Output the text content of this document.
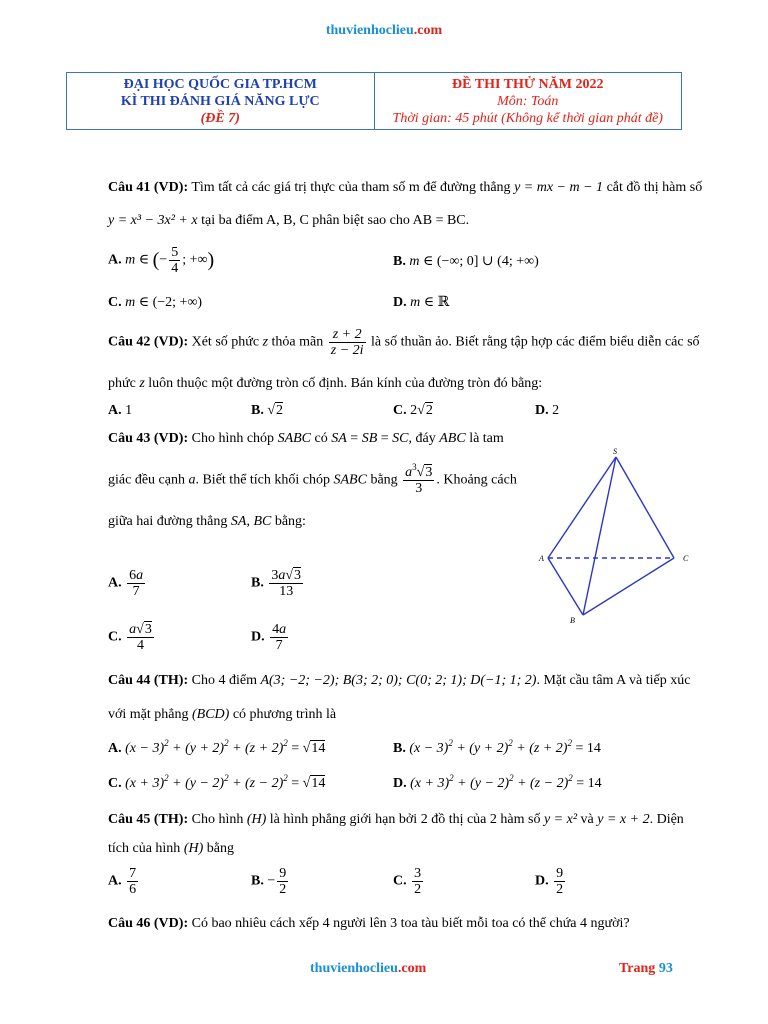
thuvienhoclieu.com
ĐẠI HỌC QUỐC GIA TP.HCM
KÌ THI ĐÁNH GIÁ NĂNG LỰC
(ĐỀ 7)
ĐỀ THI THỬ NĂM 2022
Môn: Toán
Thời gian: 45 phút (Không kể thời gian phát đề)
Câu 41 (VD): Tìm tất cả các giá trị thực của tham số m để đường thẳng y = mx − m − 1 cắt đồ thị hàm số
y = x³ − 3x² + x tại ba điểm A, B, C phân biệt sao cho AB = BC.
A. m ∈ (− $\frac{5}{4}$ ; +∞)	B. m ∈ (−∞; 0] ∪ (4; +∞)
C. m ∈ (−2; +∞)	D. m ∈ ℝ
Câu 42 (VD): Xét số phức z thỏa mãn $\frac{z + 2}{z - 2i}$ là số thuần ảo. Biết rằng tập hợp các điểm biểu diễn các số
phức z luôn thuộc một đường tròn cố định. Bán kính của đường tròn đó bằng:
A. 1	B. √2	C. 2√2	D. 2
Câu 43 (VD): Cho hình chóp SABC có SA = SB = SC, đáy ABC là tam
giác đều cạnh a. Biết thể tích khối chóp SABC bằng $\frac{a^3√3}{3}$ . Khoảng cách
giữa hai đường thẳng SA, BC bằng:
A. $\frac{6a}{7}$	B. $\frac{3a√3}{13}$
C. $\frac{a√3}{4}$	D. $\frac{4a}{7}$
S
A
B
C
Câu 44 (TH): Cho 4 điểm A(3; −2; −2); B(3; 2; 0); C(0; 2; 1); D(−1; 1; 2). Mặt cầu tâm A và tiếp xúc
với mặt phẳng (BCD) có phương trình là
A. $(x - 3)^2 + (y + 2)^2 + (z + 2)^2 = √14$	B. $(x - 3)^2 + (y + 2)^2 + (z + 2)^2 = 14$
C. $(x + 3)^2 + (y - 2)^2 + (z - 2)^2 = √14$	D. $(x + 3)^2 + (y - 2)^2 + (z - 2)^2 = 14$
Câu 45 (TH): Cho hình (H) là hình phẳng giới hạn bởi 2 đồ thị của 2 hàm số y = x² và y = x + 2. Diện
tích của hình (H) bằng
A. $\frac{7}{6}$	B. − $\frac{9}{2}$	C. $\frac{3}{2}$	D. $\frac{9}{2}$
Câu 46 (VD): Có bao nhiêu cách xếp 4 người lên 3 toa tàu biết mỗi toa có thể chứa 4 người?
thuvienhoclieu.com	Trang 93
